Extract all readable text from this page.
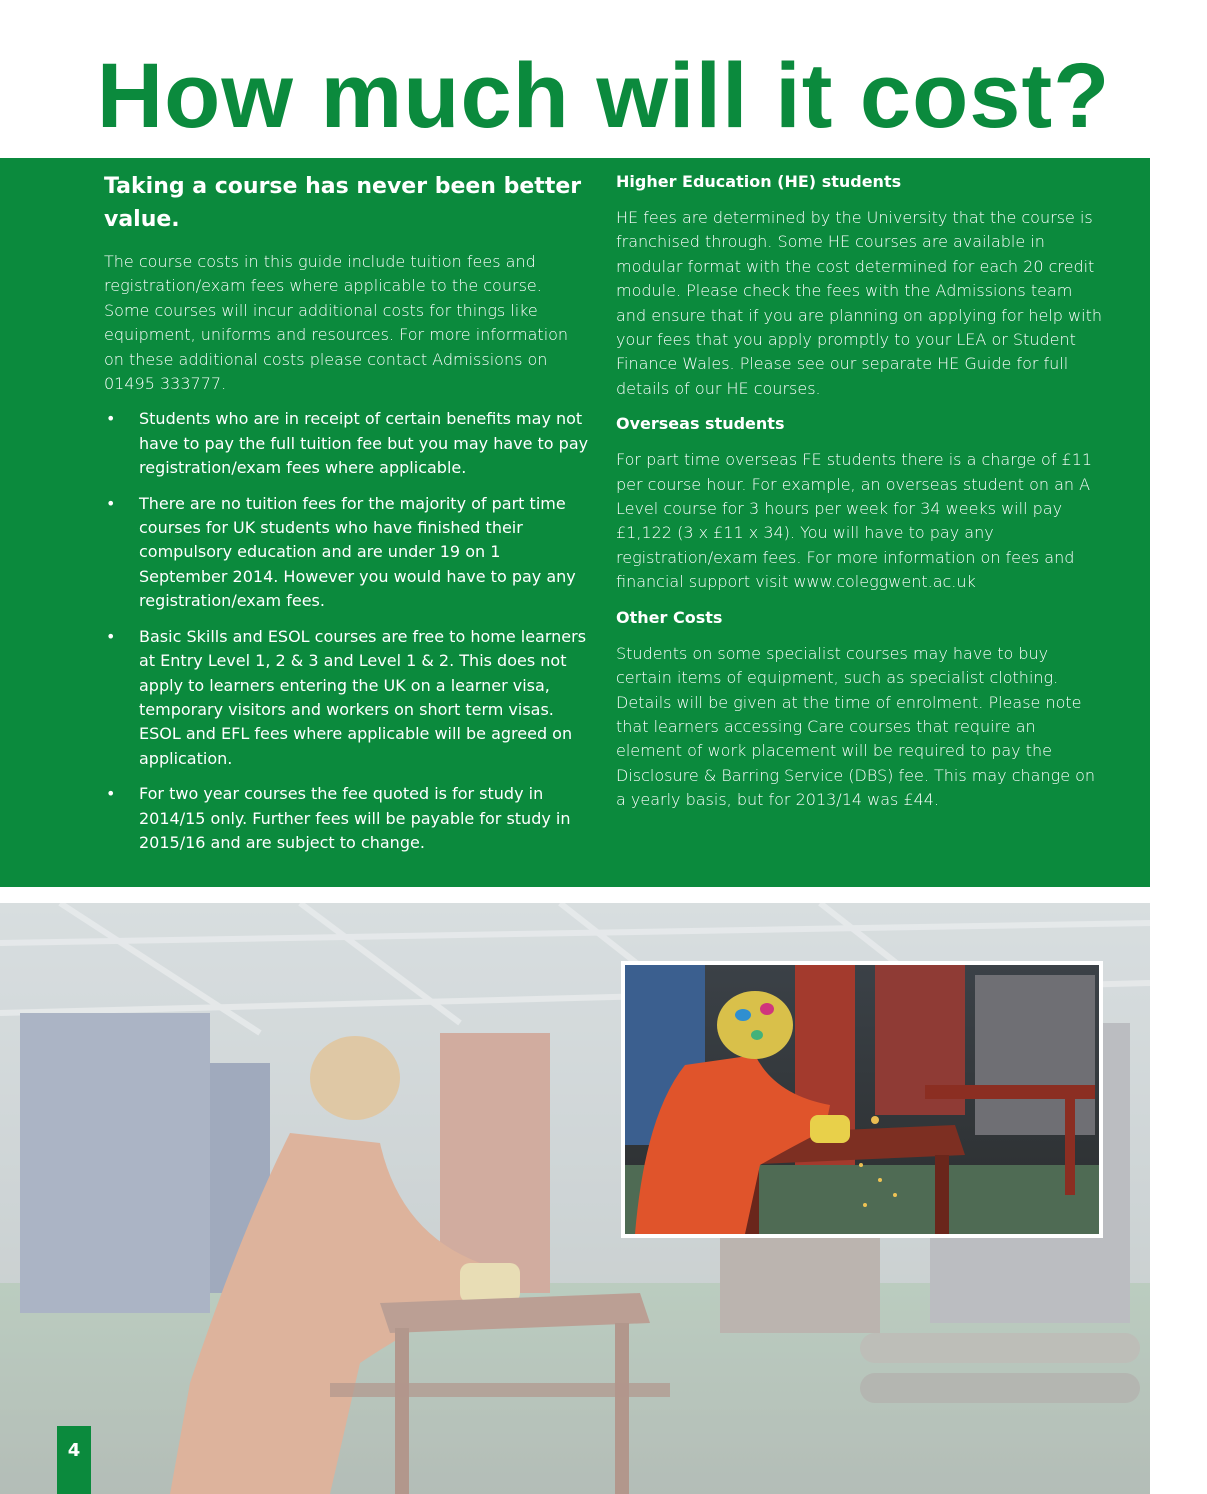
How much will it cost?
Taking a course has never been better value.

The course costs in this guide include tuition fees and registration/exam fees where applicable to the course. Some courses will incur additional costs for things like equipment, uniforms and resources. For more information on these additional costs please contact Admissions on 01495 333777.

• Students who are in receipt of certain benefits may not have to pay the full tuition fee but you may have to pay registration/exam fees where applicable.
• There are no tuition fees for the majority of part time courses for UK students who have finished their compulsory education and are under 19 on 1 September 2014. However you would have to pay any registration/exam fees.
• Basic Skills and ESOL courses are free to home learners at Entry Level 1, 2 & 3 and Level 1 & 2. This does not apply to learners entering the UK on a learner visa, temporary visitors and workers on short term visas. ESOL and EFL fees where applicable will be agreed on application.
• For two year courses the fee quoted is for study in 2014/15 only. Further fees will be payable for study in 2015/16 and are subject to change.
Higher Education (HE) students

HE fees are determined by the University that the course is franchised through. Some HE courses are available in modular format with the cost determined for each 20 credit module. Please check the fees with the Admissions team and ensure that if you are planning on applying for help with your fees that you apply promptly to your LEA or Student Finance Wales. Please see our separate HE Guide for full details of our HE courses.

Overseas students

For part time overseas FE students there is a charge of £11 per course hour. For example, an overseas student on an A Level course for 3 hours per week for 34 weeks will pay £1,122 (3 x £11 x 34). You will have to pay any registration/exam fees. For more information on fees and financial support visit www.coleggwent.ac.uk

Other Costs

Students on some specialist courses may have to buy certain items of equipment, such as specialist clothing. Details will be given at the time of enrolment. Please note that learners accessing Care courses that require an element of work placement will be required to pay the Disclosure & Barring Service (DBS) fee. This may change on a yearly basis, but for 2013/14 was £44.

4
